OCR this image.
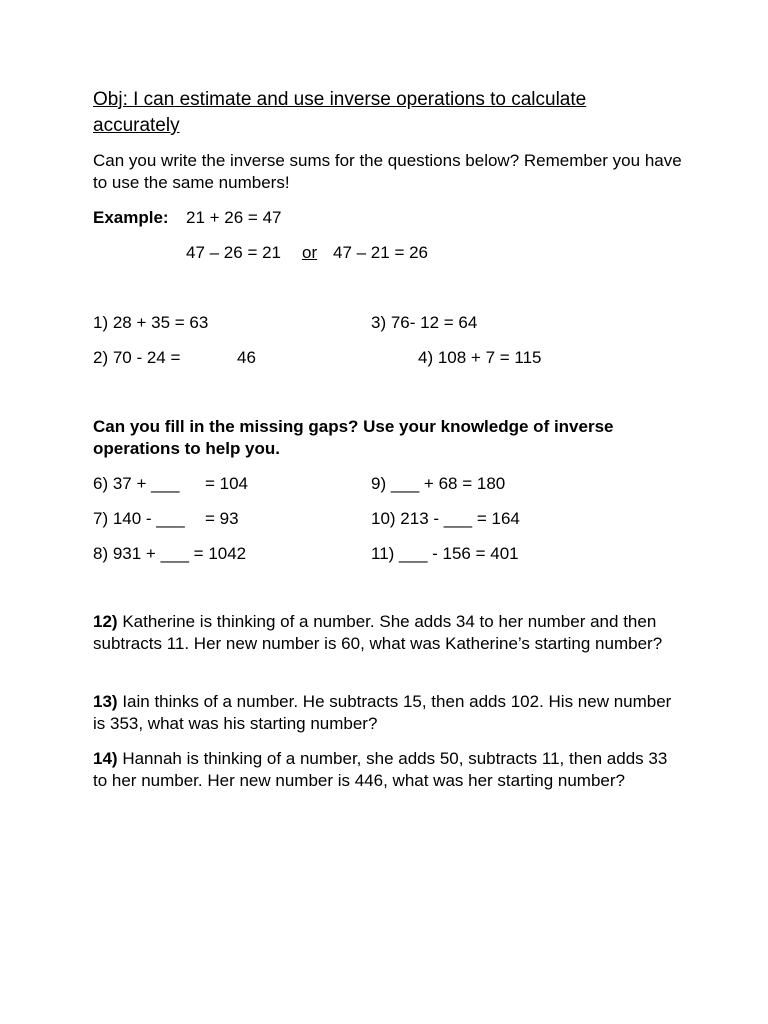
Obj: I can estimate and use inverse operations to calculate accurately
Can you write the inverse sums for the questions below? Remember you have to use the same numbers!
Example: 21 + 26 = 47
47 – 26 = 21 or 47 – 21 = 26
1) 28 + 35 = 63	3) 76- 12 = 64
2) 70 - 24 =	46	4) 108 + 7 = 115
Can you fill in the missing gaps? Use your knowledge of inverse operations to help you.
6) 37 + ___ = 104	9) ___ + 68 = 180
7) 140 - ___ = 93	10) 213 - ___ = 164
8) 931 + ___ = 1042	11) ___ - 156 = 401
12) Katherine is thinking of a number. She adds 34 to her number and then subtracts 11. Her new number is 60, what was Katherine’s starting number?
13) Iain thinks of a number. He subtracts 15, then adds 102. His new number is 353, what was his starting number?
14) Hannah is thinking of a number, she adds 50, subtracts 11, then adds 33 to her number. Her new number is 446, what was her starting number?
